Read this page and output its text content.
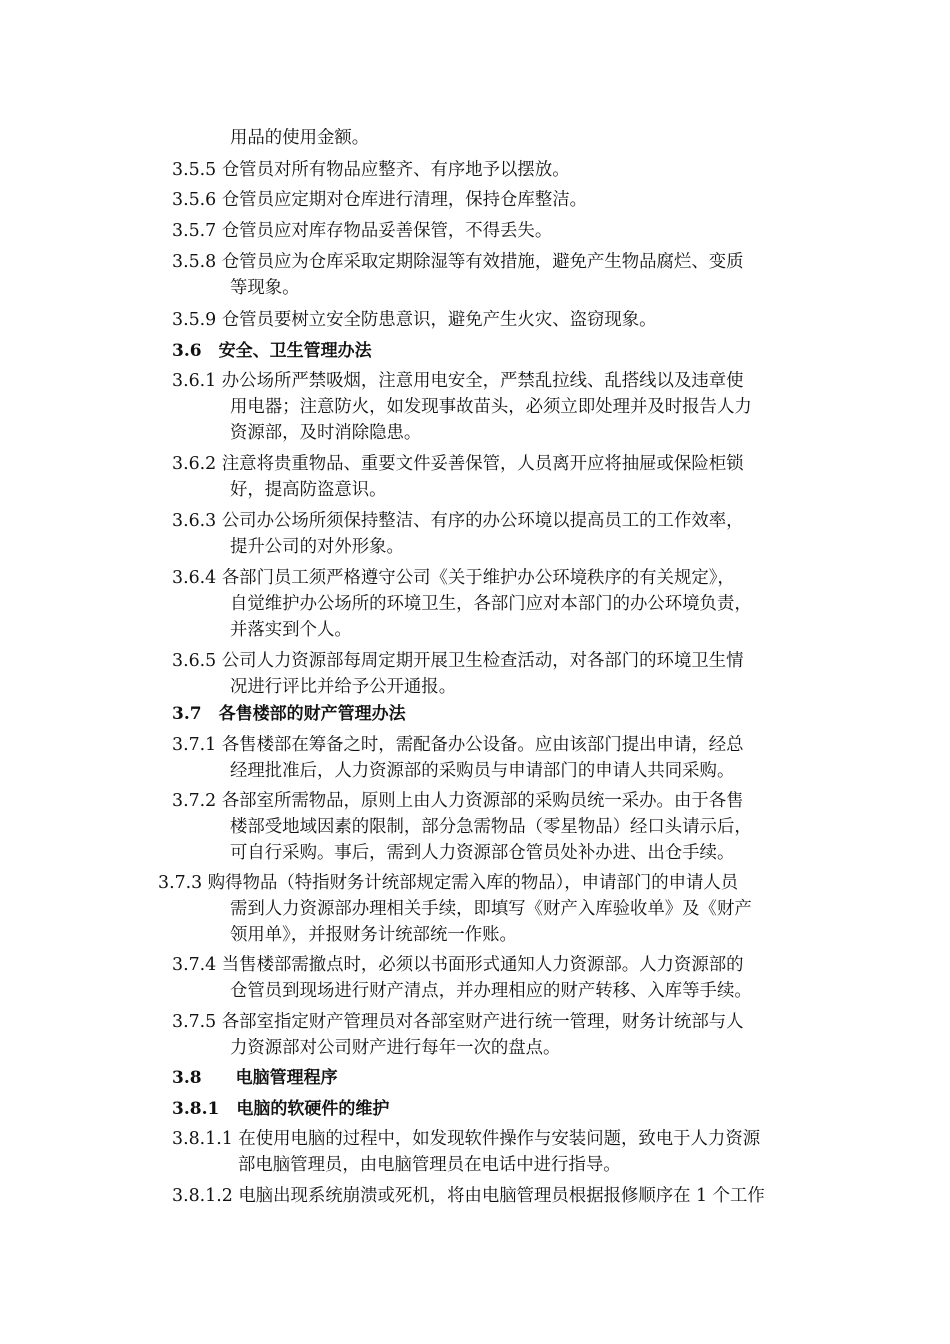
用品的使用金额。
3.5.5 仓管员对所有物品应整齐、有序地予以摆放。
3.5.6 仓管员应定期对仓库进行清理，保持仓库整洁。
3.5.7 仓管员应对库存物品妥善保管，不得丢失。
3.5.8 仓管员应为仓库采取定期除湿等有效措施，避免产生物品腐烂、变质
等现象。
3.5.9 仓管员要树立安全防患意识，避免产生火灾、盗窃现象。
3.6　安全、卫生管理办法
3.6.1 办公场所严禁吸烟，注意用电安全，严禁乱拉线、乱搭线以及违章使
用电器；注意防火，如发现事故苗头，必须立即处理并及时报告人力
资源部，及时消除隐患。
3.6.2 注意将贵重物品、重要文件妥善保管，人员离开应将抽屉或保险柜锁
好，提高防盗意识。
3.6.3 公司办公场所须保持整洁、有序的办公环境以提高员工的工作效率，
提升公司的对外形象。
3.6.4 各部门员工须严格遵守公司《关于维护办公环境秩序的有关规定》，
自觉维护办公场所的环境卫生，各部门应对本部门的办公环境负责，
并落实到个人。
3.6.5 公司人力资源部每周定期开展卫生检查活动，对各部门的环境卫生情
况进行评比并给予公开通报。
3.7　各售楼部的财产管理办法
3.7.1 各售楼部在筹备之时，需配备办公设备。应由该部门提出申请，经总
经理批准后，人力资源部的采购员与申请部门的申请人共同采购。
3.7.2 各部室所需物品，原则上由人力资源部的采购员统一采办。由于各售
楼部受地域因素的限制，部分急需物品（零星物品）经口头请示后，
可自行采购。事后，需到人力资源部仓管员处补办进、出仓手续。
3.7.3 购得物品（特指财务计统部规定需入库的物品），申请部门的申请人员
需到人力资源部办理相关手续，即填写《财产入库验收单》及《财产
领用单》，并报财务计统部统一作账。
3.7.4 当售楼部需撤点时，必须以书面形式通知人力资源部。人力资源部的
仓管员到现场进行财产清点，并办理相应的财产转移、入库等手续。
3.7.5 各部室指定财产管理员对各部室财产进行统一管理，财务计统部与人
力资源部对公司财产进行每年一次的盘点。
3.8　　电脑管理程序
3.8.1　电脑的软硬件的维护
3.8.1.1 在使用电脑的过程中，如发现软件操作与安装问题，致电于人力资源
部电脑管理员，由电脑管理员在电话中进行指导。
3.8.1.2 电脑出现系统崩溃或死机，将由电脑管理员根据报修顺序在 1 个工作
